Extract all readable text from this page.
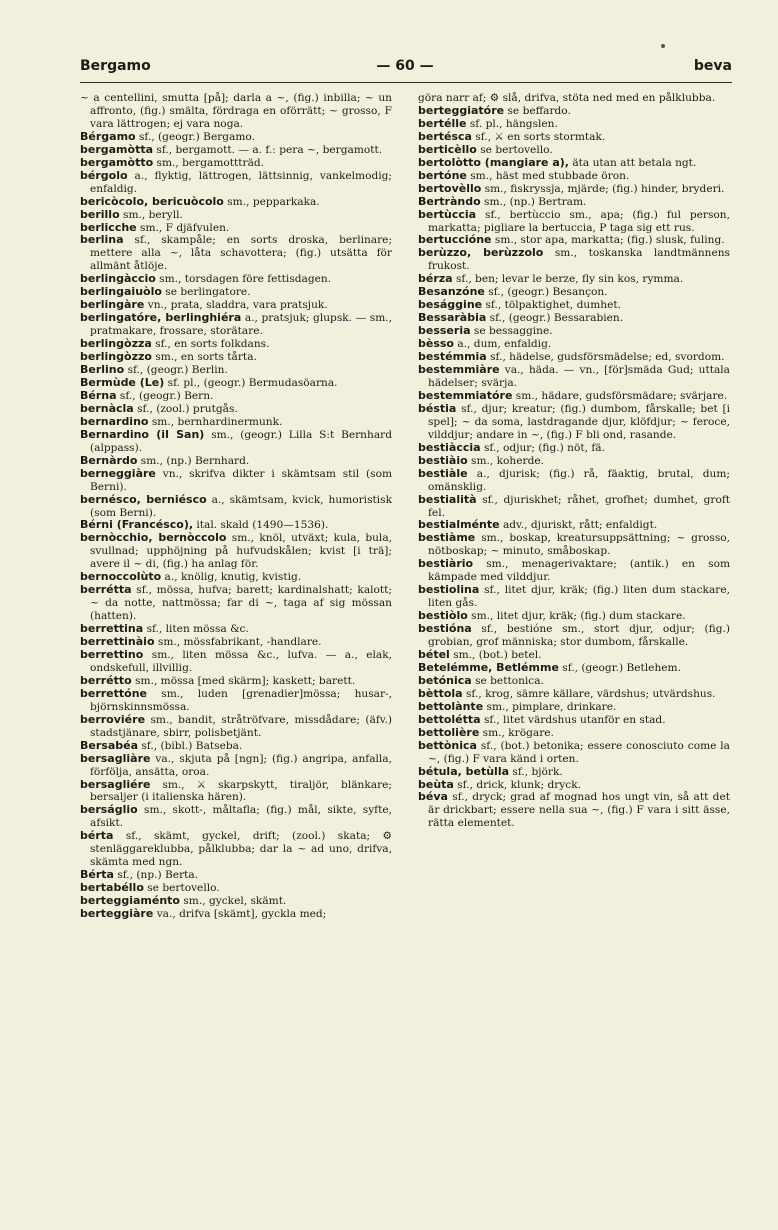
Bergamo	— 60 —	beva

~ a centellini, smutta [på]; darla a ~, (fig.) inbilla; ~ un affronto, (fig.) smälta, fördraga en oförrätt; ~ grosso, F vara lättrogen; ej vara noga.

Bérgamo sf., (geogr.) Bergamo.

bergamòtta sf., bergamott. — a. f.: pera ~, bergamott.

bergamòtto sm., bergamottträd.

bérgolo a., flyktig, lättrogen, lättsinnig, vankelmodig; enfaldig.

bericòcolo, bericuòcolo sm., pepparkaka.

berillo sm., beryll.

berlicche sm., F djäfvulen.

berlina sf., skampåle; en sorts droska, berlinare; mettere alla ~, låta schavottera; (fig.) utsätta för allmänt åtlöje.

berlingàccio sm., torsdagen före fettisdagen.

berlingaiuòlo se berlingatore.

berlingàre vn., prata, sladdra, vara pratsjuk.

berlingatóre, berlinghiéra a., pratsjuk; glupsk. — sm., pratmakare, frossare, storätare.

berlingòzza sf., en sorts folkdans.

berlingòzzo sm., en sorts tårta.

Berlino sf., (geogr.) Berlin.

Bermùde (Le) sf. pl., (geogr.) Bermudasöarna.

Bérna sf., (geogr.) Bern.

bernàcla sf., (zool.) prutgås.

bernardino sm., bernhardinermunk.

Bernardino (il San) sm., (geogr.) Lilla S:t Bernhard (alppass).

Bernàrdo sm., (np.) Bernhard.

berneggiàre vn., skrifva dikter i skämtsam stil (som Berni).

bernésco, berniésco a., skämtsam, kvick, humoristisk (som Berni).

Bérni (Francésco), ital. skald (1490—1536).

bernòcchio, bernòccolo sm., knöl, utväxt; kula, bula, svullnad; upphöjning på hufvudskålen; kvist [i trä]; avere il ~ di, (fig.) ha anlag för.

bernoccolùto a., knölig, knutig, kvistig.

berrétta sf., mössa, hufva; barett; kardinalshatt; kalott; ~ da notte, nattmössa; far di ~, taga af sig mössan (hatten).

berrettina sf., liten mössa &c.

berrettinàio sm., mössfabrikant, -handlare.

berrettino sm., liten mössa &c., lufva. — a., elak, ondskefull, illvillig.

berrétto sm., mössa [med skärm]; kaskett; barett.

berrettóne sm., luden [grenadier]mössa; husar-, björnskinnsmössa.

berroviére sm., bandit, stråtröfvare, missdådare; (äfv.) stadstjänare, sbirr, polisbetjänt.

Bersabéa sf., (bibl.) Batseba.

bersagliàre va., skjuta på [ngn]; (fig.) angripa, anfalla, förfölja, ansätta, oroa.

bersagliére sm., ⚔ skarpskytt, tiraljör, blänkare; bersaljer (i italienska hären).

berságlio sm., skott-, måltafla; (fig.) mål, sikte, syfte, afsikt.

bérta sf., skämt, gyckel, drift; (zool.) skata; ⚙ stenläggareklubba, pålklubba; dar la ~ ad uno, drifva, skämta med ngn.

Bérta sf., (np.) Berta.

bertabéllo se bertovello.

berteggiaménto sm., gyckel, skämt.

berteggiàre va., drifva [skämt], gyckla med;

göra narr af; ⚙ slå, drifva, stöta ned med en pålklubba.

berteggiatóre se beffardo.

bertélle sf. pl., hängslen.

bertésca sf., ⚔ en sorts stormtak.

berticèllo se bertovello.

bertolòtto (mangiare a), äta utan att betala ngt.

bertóne sm., häst med stubbade öron.

bertovèllo sm., fiskryssja, mjärde; (fig.) hinder, bryderi.

Bertràndo sm., (np.) Bertram.

bertùccia sf., bertùccio sm., apa; (fig.) ful person, markatta; pigliare la bertuccia, P taga sig ett rus.

bertuccióne sm., stor apa, markatta; (fig.) slusk, fuling.

berùzzo, berùzzolo sm., toskanska landtmännens frukost.

bérza sf., ben; levar le berze, fly sin kos, rymma.

Besanzóne sf., (geogr.) Besançon.

besággine sf., tölpaktighet, dumhet.

Bessaràbia sf., (geogr.) Bessarabien.

besseria se bessaggine.

bèsso a., dum, enfaldig.

bestémmia sf., hädelse, gudsförsmädelse; ed, svordom.

bestemmiàre va., häda. — vn., [för]smäda Gud; uttala hädelser; svärja.

bestemmiatóre sm., hädare, gudsförsmädare; svärjare.

béstia sf., djur; kreatur; (fig.) dumbom, fårskalle; bet [i spel]; ~ da soma, lastdragande djur, klöfdjur; ~ feroce, vilddjur; andare in ~, (fig.) F bli ond, rasande.

bestiàccia sf., odjur; (fig.) nöt, fä.

bestiàio sm., koherde.

bestiàle a., djurisk; (fig.) rå, fäaktig, brutal, dum; omänsklig.

bestialità sf., djuriskhet; råhet, grofhet; dumhet, groft fel.

bestialménte adv., djuriskt, rått; enfaldigt.

bestiàme sm., boskap, kreatursuppsättning; ~ grosso, nötboskap; ~ minuto, småboskap.

bestiàrio sm., menagerivaktare; (antik.) en som kämpade med vilddjur.

bestiolina sf., litet djur, kräk; (fig.) liten dum stackare, liten gås.

bestiòlo sm., litet djur, kräk; (fig.) dum stackare.

bestióna sf., bestióne sm., stort djur, odjur; (fig.) grobian, grof människa; stor dumbom, fårskalle.

bétel sm., (bot.) betel.

Betelémme, Betlémme sf., (geogr.) Betlehem.

betónica se bettonica.

bèttola sf., krog, sämre källare, värdshus; utvärdshus.

bettolànte sm., pimplare, drinkare.

bettolétta sf., litet värdshus utanför en stad.

bettolière sm., krögare.

bettònica sf., (bot.) betonika; essere conosciuto come la ~, (fig.) F vara känd i orten.

bétula, betùlla sf., björk.

beùta sf., drick, klunk; dryck.

béva sf., dryck; grad af mognad hos ungt vin, så att det är drickbart; essere nella sua ~, (fig.) F vara i sitt ässe, rätta elementet.
